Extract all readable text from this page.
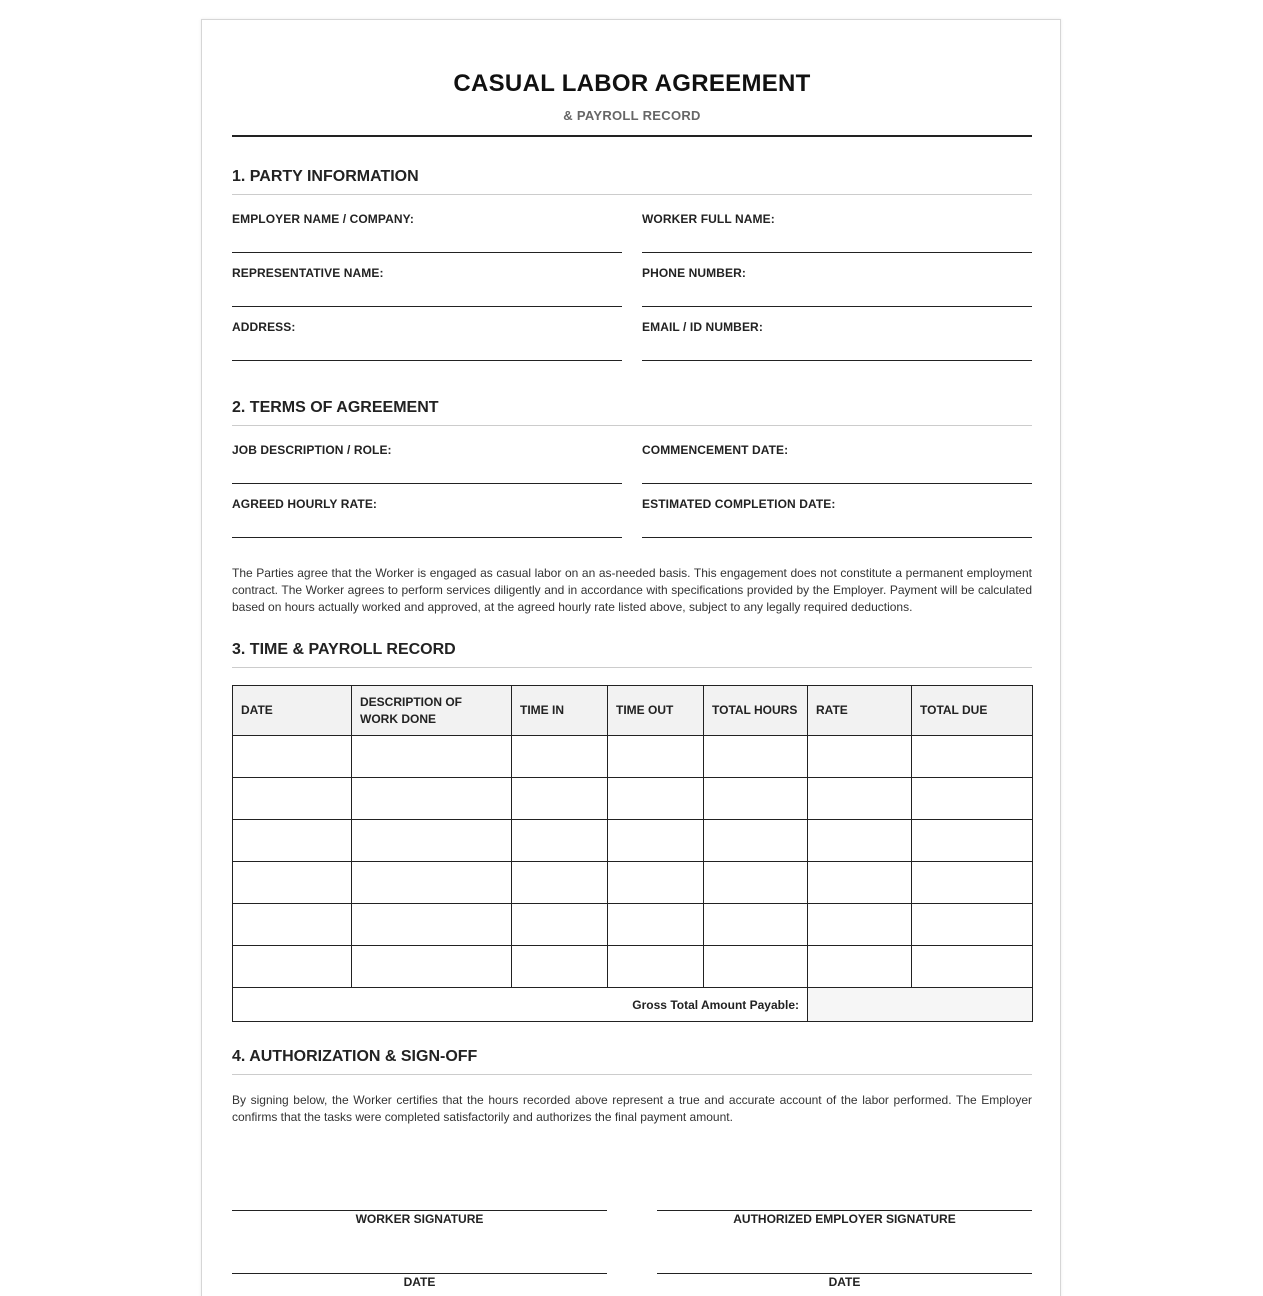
CASUAL LABOR AGREEMENT
& PAYROLL RECORD
1. PARTY INFORMATION
EMPLOYER NAME / COMPANY:	WORKER FULL NAME:
REPRESENTATIVE NAME:	PHONE NUMBER:
ADDRESS:	EMAIL / ID NUMBER:
2. TERMS OF AGREEMENT
JOB DESCRIPTION / ROLE:	COMMENCEMENT DATE:
AGREED HOURLY RATE:	ESTIMATED COMPLETION DATE:
The Parties agree that the Worker is engaged as casual labor on an as-needed basis. This engagement does not constitute a permanent employment contract. The Worker agrees to perform services diligently and in accordance with specifications provided by the Employer. Payment will be calculated based on hours actually worked and approved, at the agreed hourly rate listed above, subject to any legally required deductions.
3. TIME & PAYROLL RECORD
DATE	DESCRIPTION OF WORK DONE	TIME IN	TIME OUT	TOTAL HOURS	RATE	TOTAL DUE

Gross Total Amount Payable:						
4. AUTHORIZATION & SIGN-OFF
By signing below, the Worker certifies that the hours recorded above represent a true and accurate account of the labor performed. The Employer confirms that the tasks were completed satisfactorily and authorizes the final payment amount.
WORKER SIGNATURE	AUTHORIZED EMPLOYER SIGNATURE
DATE	DATE
